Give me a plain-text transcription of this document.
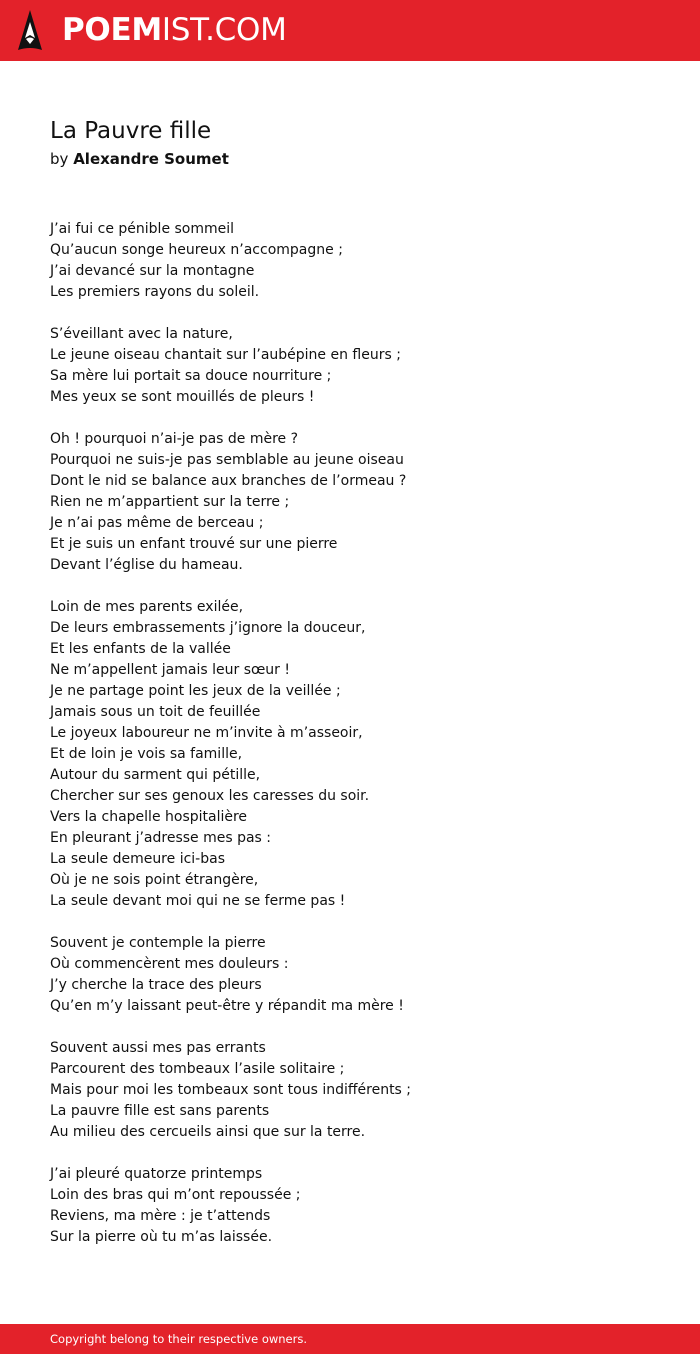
POEMIST.COM
La Pauvre fille
by Alexandre Soumet
J’ai fui ce pénible sommeil
Qu’aucun songe heureux n’accompagne ;
J’ai devancé sur la montagne
Les premiers rayons du soleil.
S’éveillant avec la nature,
Le jeune oiseau chantait sur l’aubépine en fleurs ;
Sa mère lui portait sa douce nourriture ;
Mes yeux se sont mouillés de pleurs !
Oh ! pourquoi n’ai-je pas de mère ?
Pourquoi ne suis-je pas semblable au jeune oiseau
Dont le nid se balance aux branches de l’ormeau ?
Rien ne m’appartient sur la terre ;
Je n’ai pas même de berceau ;
Et je suis un enfant trouvé sur une pierre
Devant l’église du hameau.
Loin de mes parents exilée,
De leurs embrassements j’ignore la douceur,
Et les enfants de la vallée
Ne m’appellent jamais leur sœur !
Je ne partage point les jeux de la veillée ;
Jamais sous un toit de feuillée
Le joyeux laboureur ne m’invite à m’asseoir,
Et de loin je vois sa famille,
Autour du sarment qui pétille,
Chercher sur ses genoux les caresses du soir.
Vers la chapelle hospitalière
En pleurant j’adresse mes pas :
La seule demeure ici-bas
Où je ne sois point étrangère,
La seule devant moi qui ne se ferme pas !
Souvent je contemple la pierre
Où commencèrent mes douleurs :
J’y cherche la trace des pleurs
Qu’en m’y laissant peut-être y répandit ma mère !
Souvent aussi mes pas errants
Parcourent des tombeaux l’asile solitaire ;
Mais pour moi les tombeaux sont tous indifférents ;
La pauvre fille est sans parents
Au milieu des cercueils ainsi que sur la terre.
J’ai pleuré quatorze printemps
Loin des bras qui m’ont repoussée ;
Reviens, ma mère : je t’attends
Sur la pierre où tu m’as laissée.
Copyright belong to their respective owners.
